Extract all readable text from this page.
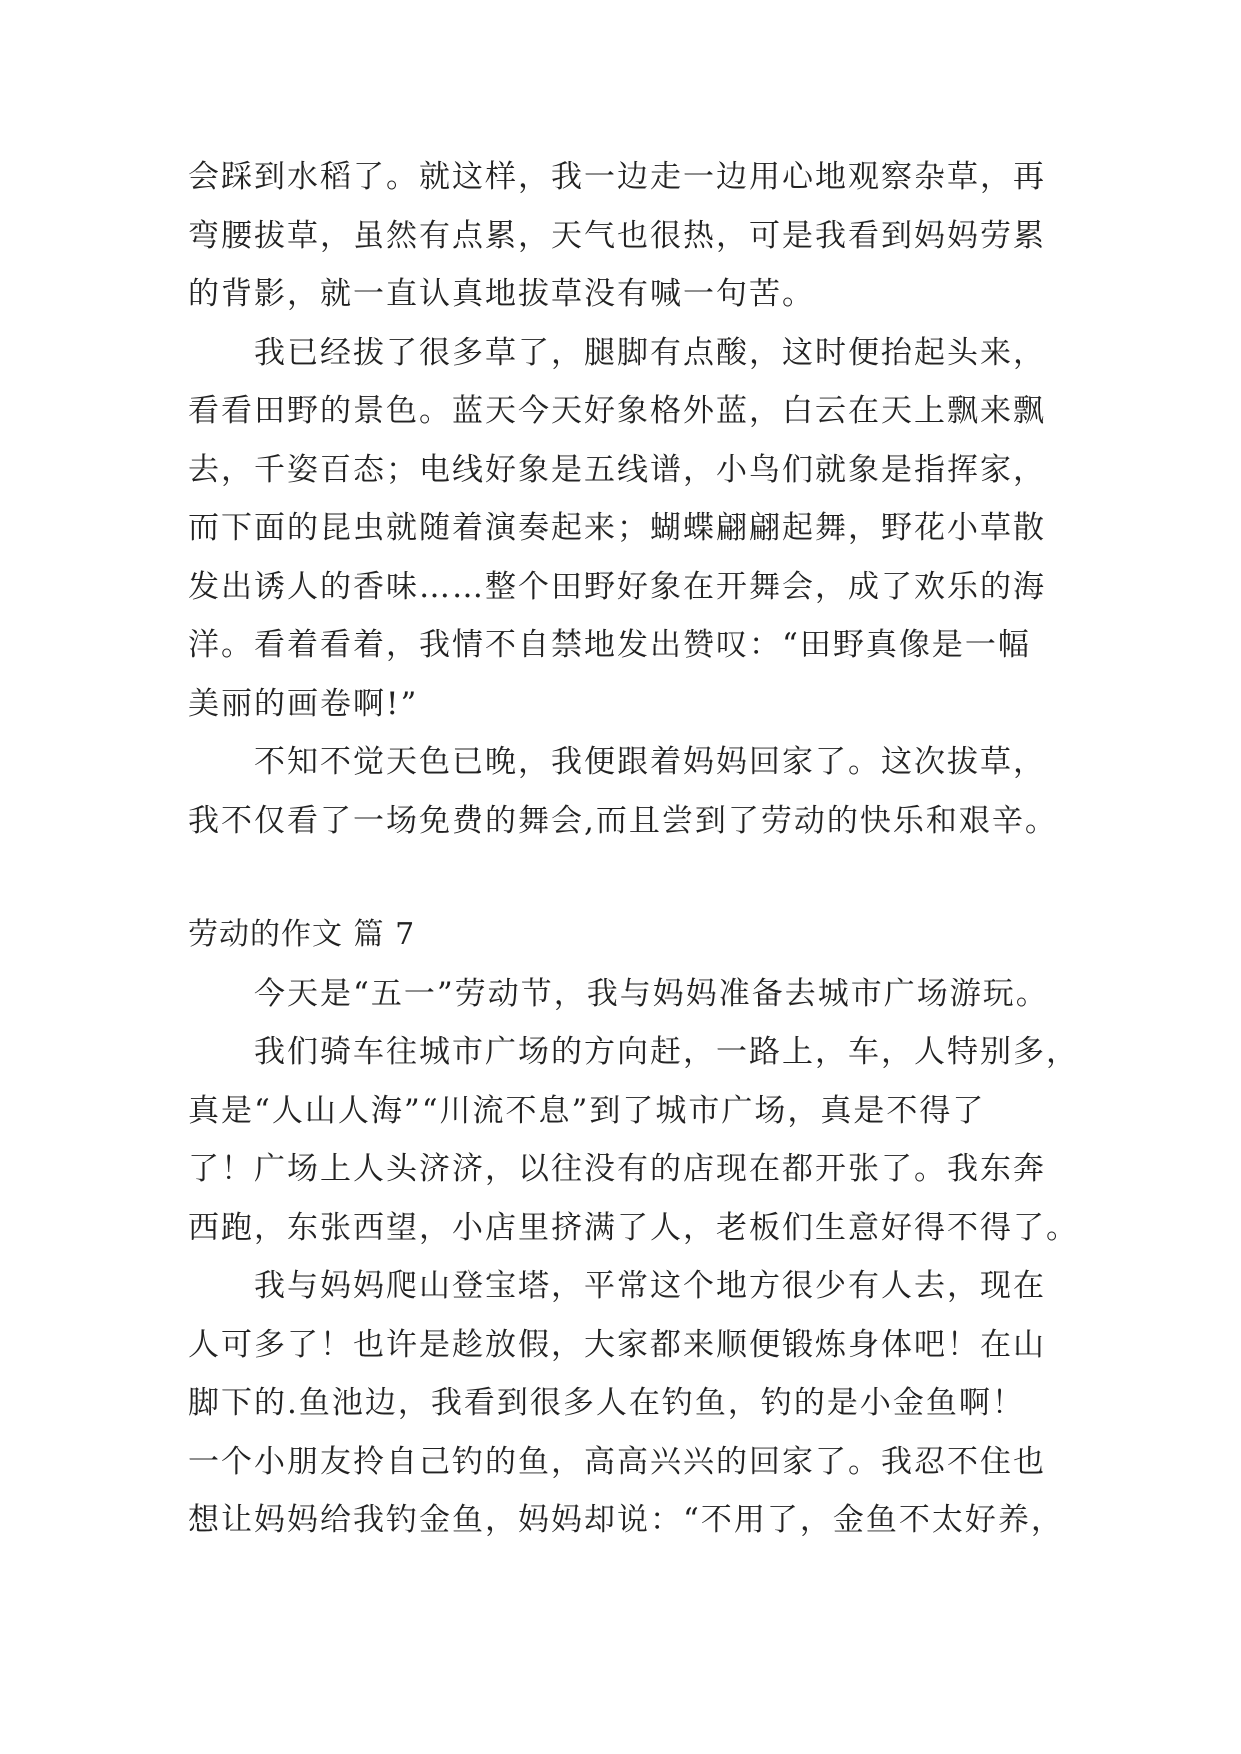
会踩到水稻了。就这样，我一边走一边用心地观察杂草，再
弯腰拔草，虽然有点累，天气也很热，可是我看到妈妈劳累
的背影，就一直认真地拔草没有喊一句苦。
我已经拔了很多草了，腿脚有点酸，这时便抬起头来，
看看田野的景色。蓝天今天好象格外蓝，白云在天上飘来飘
去，千姿百态；电线好象是五线谱，小鸟们就象是指挥家，
而下面的昆虫就随着演奏起来；蝴蝶翩翩起舞，野花小草散
发出诱人的香味……整个田野好象在开舞会，成了欢乐的海
洋。看着看着，我情不自禁地发出赞叹：“田野真像是一幅
美丽的画卷啊!”
不知不觉天色已晚，我便跟着妈妈回家了。这次拔草，
我不仅看了一场免费的舞会,而且尝到了劳动的快乐和艰辛。
劳动的作文 篇 7
今天是“五一”劳动节，我与妈妈准备去城市广场游玩。
我们骑车往城市广场的方向赶，一路上，车，人特别多，
真是“人山人海”“川流不息”到了城市广场，真是不得了
了！广场上人头济济，以往没有的店现在都开张了。我东奔
西跑，东张西望，小店里挤满了人，老板们生意好得不得了。
我与妈妈爬山登宝塔，平常这个地方很少有人去，现在
人可多了！也许是趁放假，大家都来顺便锻炼身体吧！在山
脚下的.鱼池边，我看到很多人在钓鱼，钓的是小金鱼啊！
一个小朋友拎自己钓的鱼，高高兴兴的回家了。我忍不住也
想让妈妈给我钓金鱼，妈妈却说：“不用了，金鱼不太好养，
